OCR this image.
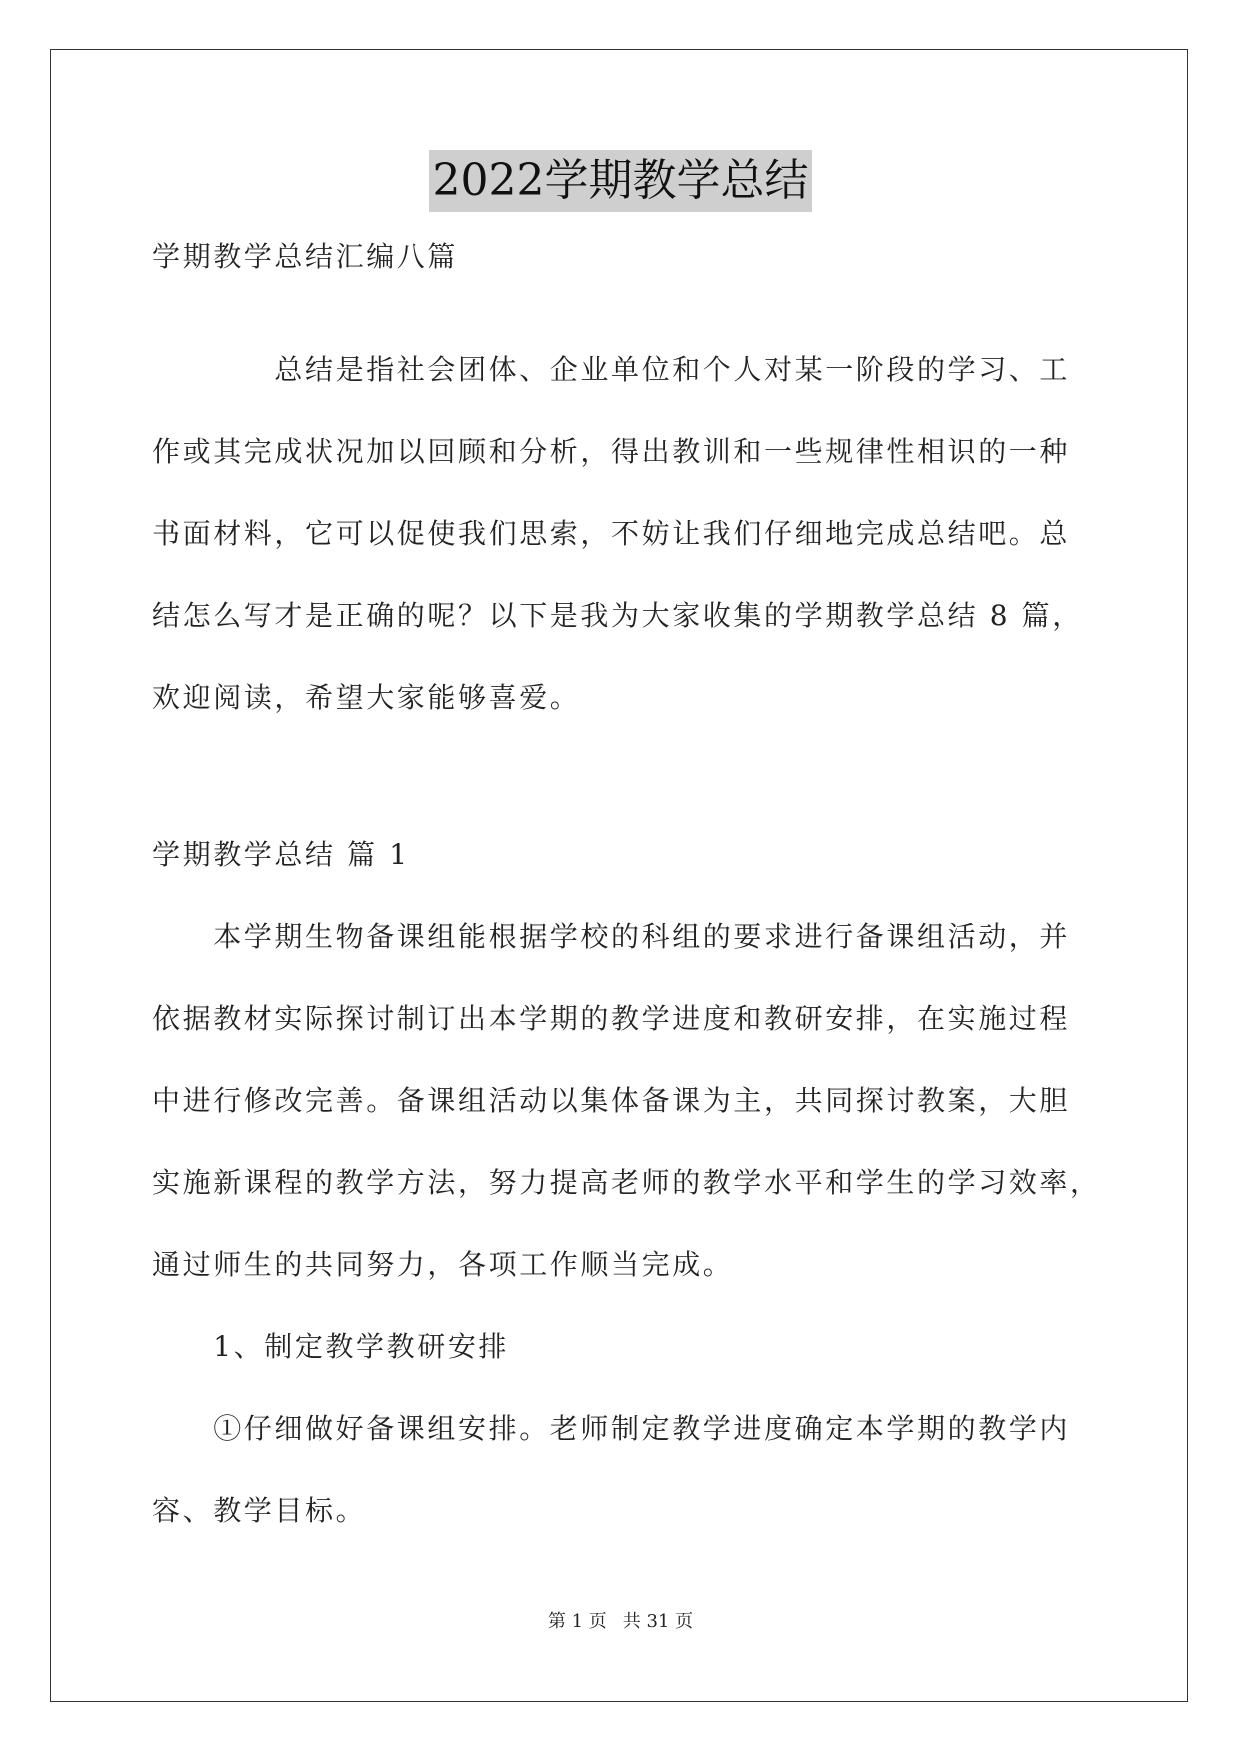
2022学期教学总结
学期教学总结汇编八篇
　　　　总结是指社会团体、企业单位和个人对某一阶段的学习、工
作或其完成状况加以回顾和分析，得出教训和一些规律性相识的一种
书面材料，它可以促使我们思索，不妨让我们仔细地完成总结吧。总
结怎么写才是正确的呢？以下是我为大家收集的学期教学总结 8 篇，
欢迎阅读，希望大家能够喜爱。
学期教学总结 篇 1
　　本学期生物备课组能根据学校的科组的要求进行备课组活动，并
依据教材实际探讨制订出本学期的教学进度和教研安排，在实施过程
中进行修改完善。备课组活动以集体备课为主，共同探讨教案，大胆
实施新课程的教学方法，努力提高老师的教学水平和学生的学习效率，
通过师生的共同努力，各项工作顺当完成。
　　1、制定教学教研安排
　　①仔细做好备课组安排。老师制定教学进度确定本学期的教学内
容、教学目标。
第 1 页 共 31 页
